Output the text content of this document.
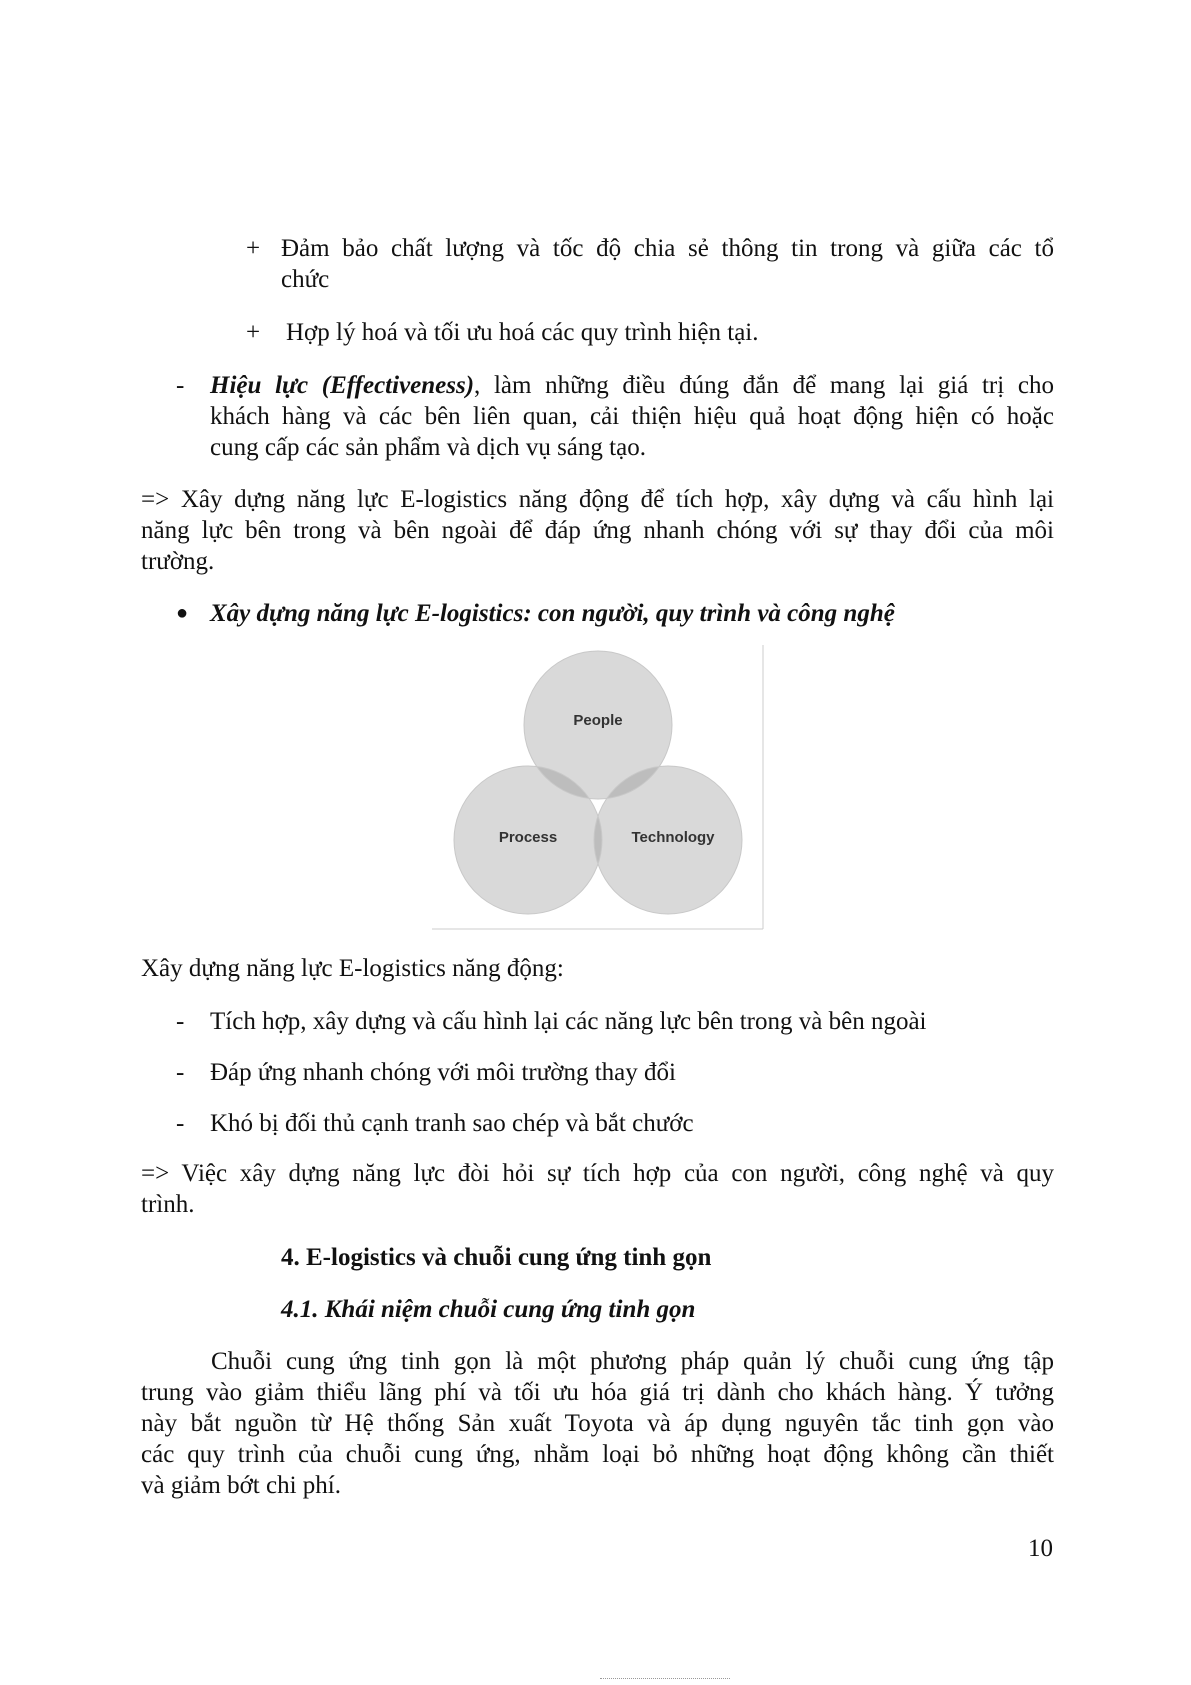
+ Đảm bảo chất lượng và tốc độ chia sẻ thông tin trong và giữa các tổ
chức
+ Hợp lý hoá và tối ưu hoá các quy trình hiện tại.
- Hiệu lực (Effectiveness), làm những điều đúng đắn để mang lại giá trị cho
khách hàng và các bên liên quan, cải thiện hiệu quả hoạt động hiện có hoặc
cung cấp các sản phẩm và dịch vụ sáng tạo.
=> Xây dựng năng lực E-logistics năng động để tích hợp, xây dựng và cấu hình lại
năng lực bên trong và bên ngoài để đáp ứng nhanh chóng với sự thay đổi của môi
trường.
● Xây dựng năng lực E-logistics: con người, quy trình và công nghệ
People
Process	Technology
Xây dựng năng lực E-logistics năng động:
- Tích hợp, xây dựng và cấu hình lại các năng lực bên trong và bên ngoài
- Đáp ứng nhanh chóng với môi trường thay đổi
- Khó bị đối thủ cạnh tranh sao chép và bắt chước
=> Việc xây dựng năng lực đòi hỏi sự tích hợp của con người, công nghệ và quy
trình.
4. E-logistics và chuỗi cung ứng tinh gọn
4.1. Khái niệm chuỗi cung ứng tinh gọn
Chuỗi cung ứng tinh gọn là một phương pháp quản lý chuỗi cung ứng tập
trung vào giảm thiểu lãng phí và tối ưu hóa giá trị dành cho khách hàng. Ý tưởng
này bắt nguồn từ Hệ thống Sản xuất Toyota và áp dụng nguyên tắc tinh gọn vào
các quy trình của chuỗi cung ứng, nhằm loại bỏ những hoạt động không cần thiết
và giảm bớt chi phí.
10
